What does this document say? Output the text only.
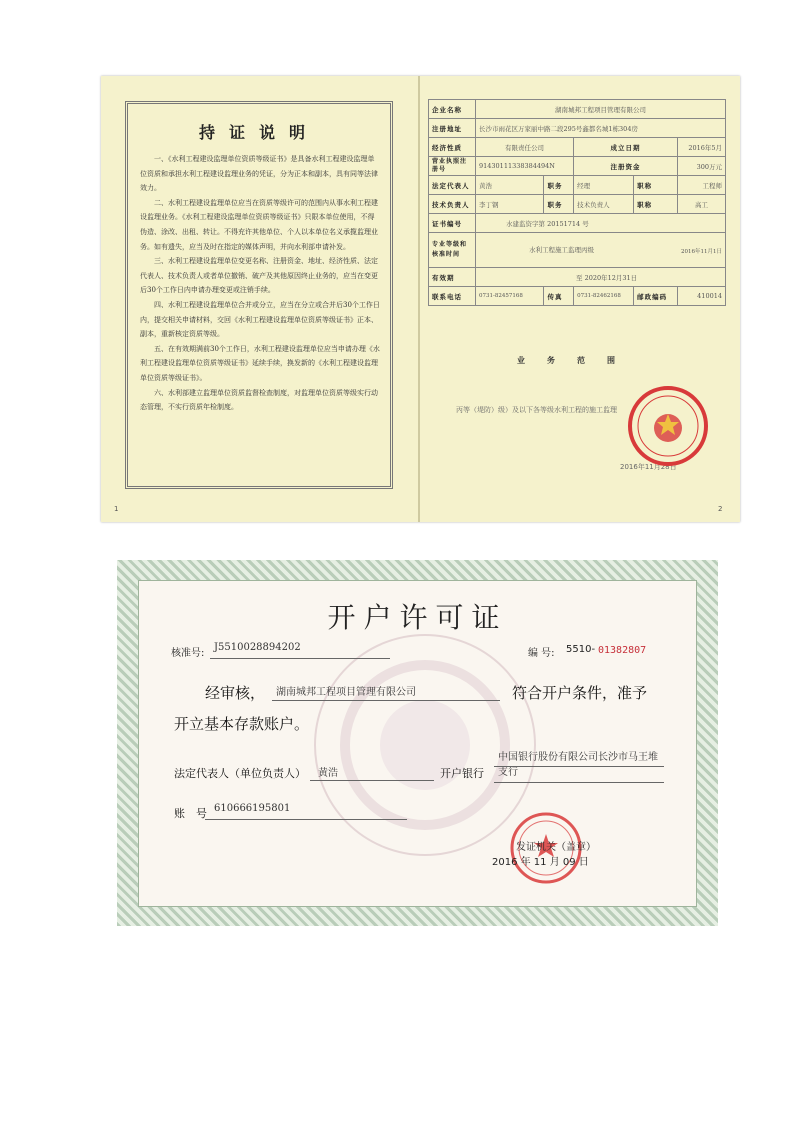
持证说明

一、《水利工程建设监理单位资质等级证书》是具备水利工程建设监理单位资质和承担水利工程建设监理业务的凭证，分为正本和副本，具有同等法律效力。

二、水利工程建设监理单位应当在资质等级许可的范围内从事水利工程建设监理业务。《水利工程建设监理单位资质等级证书》只限本单位使用，不得伪造、涂改、出租、转让。不得充许其他单位、个人以本单位名义承揽监理业务。如有遗失，应当及时在指定的媒体声明，并向水利部申请补发。

三、水利工程建设监理单位变更名称、注册资金、地址、经济性质、法定代表人、技术负责人或者单位撤销、破产及其他原因终止业务的，应当在变更后30个工作日内申请办理变更或注销手续。

四、水利工程建设监理单位合并或分立，应当在分立或合并后30个工作日内，提交相关申请材料，交回《水利工程建设监理单位资质等级证书》正本、副本，重新核定资质等级。

五、在有效期满前30个工作日，水利工程建设监理单位应当申请办理《水利工程建设监理单位资质等级证书》延续手续，换发新的《水利工程建设监理单位资质等级证书》。

六、水利部建立监理单位资质监督检查制度，对监理单位资质等级实行动态管理，不实行资质年检制度。

1	2
企业名称	湖南城邦工程项目管理有限公司				
注册地址	长沙市雨花区万家丽中路二段295号鑫都名城1栋304房				
经济性质	有限责任公司		成立日期		2016年5月
营业执照注册号	91430111338384494N		注册资金		300万元
法定代表人	黄浩	职务	经理	职称	工程师
技术负责人	李丁钢	职务	技术负责人	职称	高工
证书编号	水建监资字第 20151714 号				
专业等级和核准时间	水利工程施工监理丙级 2016年11月1日				

有效期	至 2020年12月31日				
联系电话	0731-82457168	传真	0731-82462168	邮政编码	410014
业务范围
丙等（堤防）级）及以下各等级水利工程的施工监理
2016年11月28日
开户许可证
核准号:
J5510028894202
编 号: 5510- 01382807
经审核， 湖南城邦工程项目管理有限公司	符合开户条件，准予
开立基本存款账户。
法定代表人（单位负责人） 黄浩	开户银行
中国银行股份有限公司长沙市马王堆支行
账　号 610666195801
发证机关（盖章）
2016 年 11 月 09 日
